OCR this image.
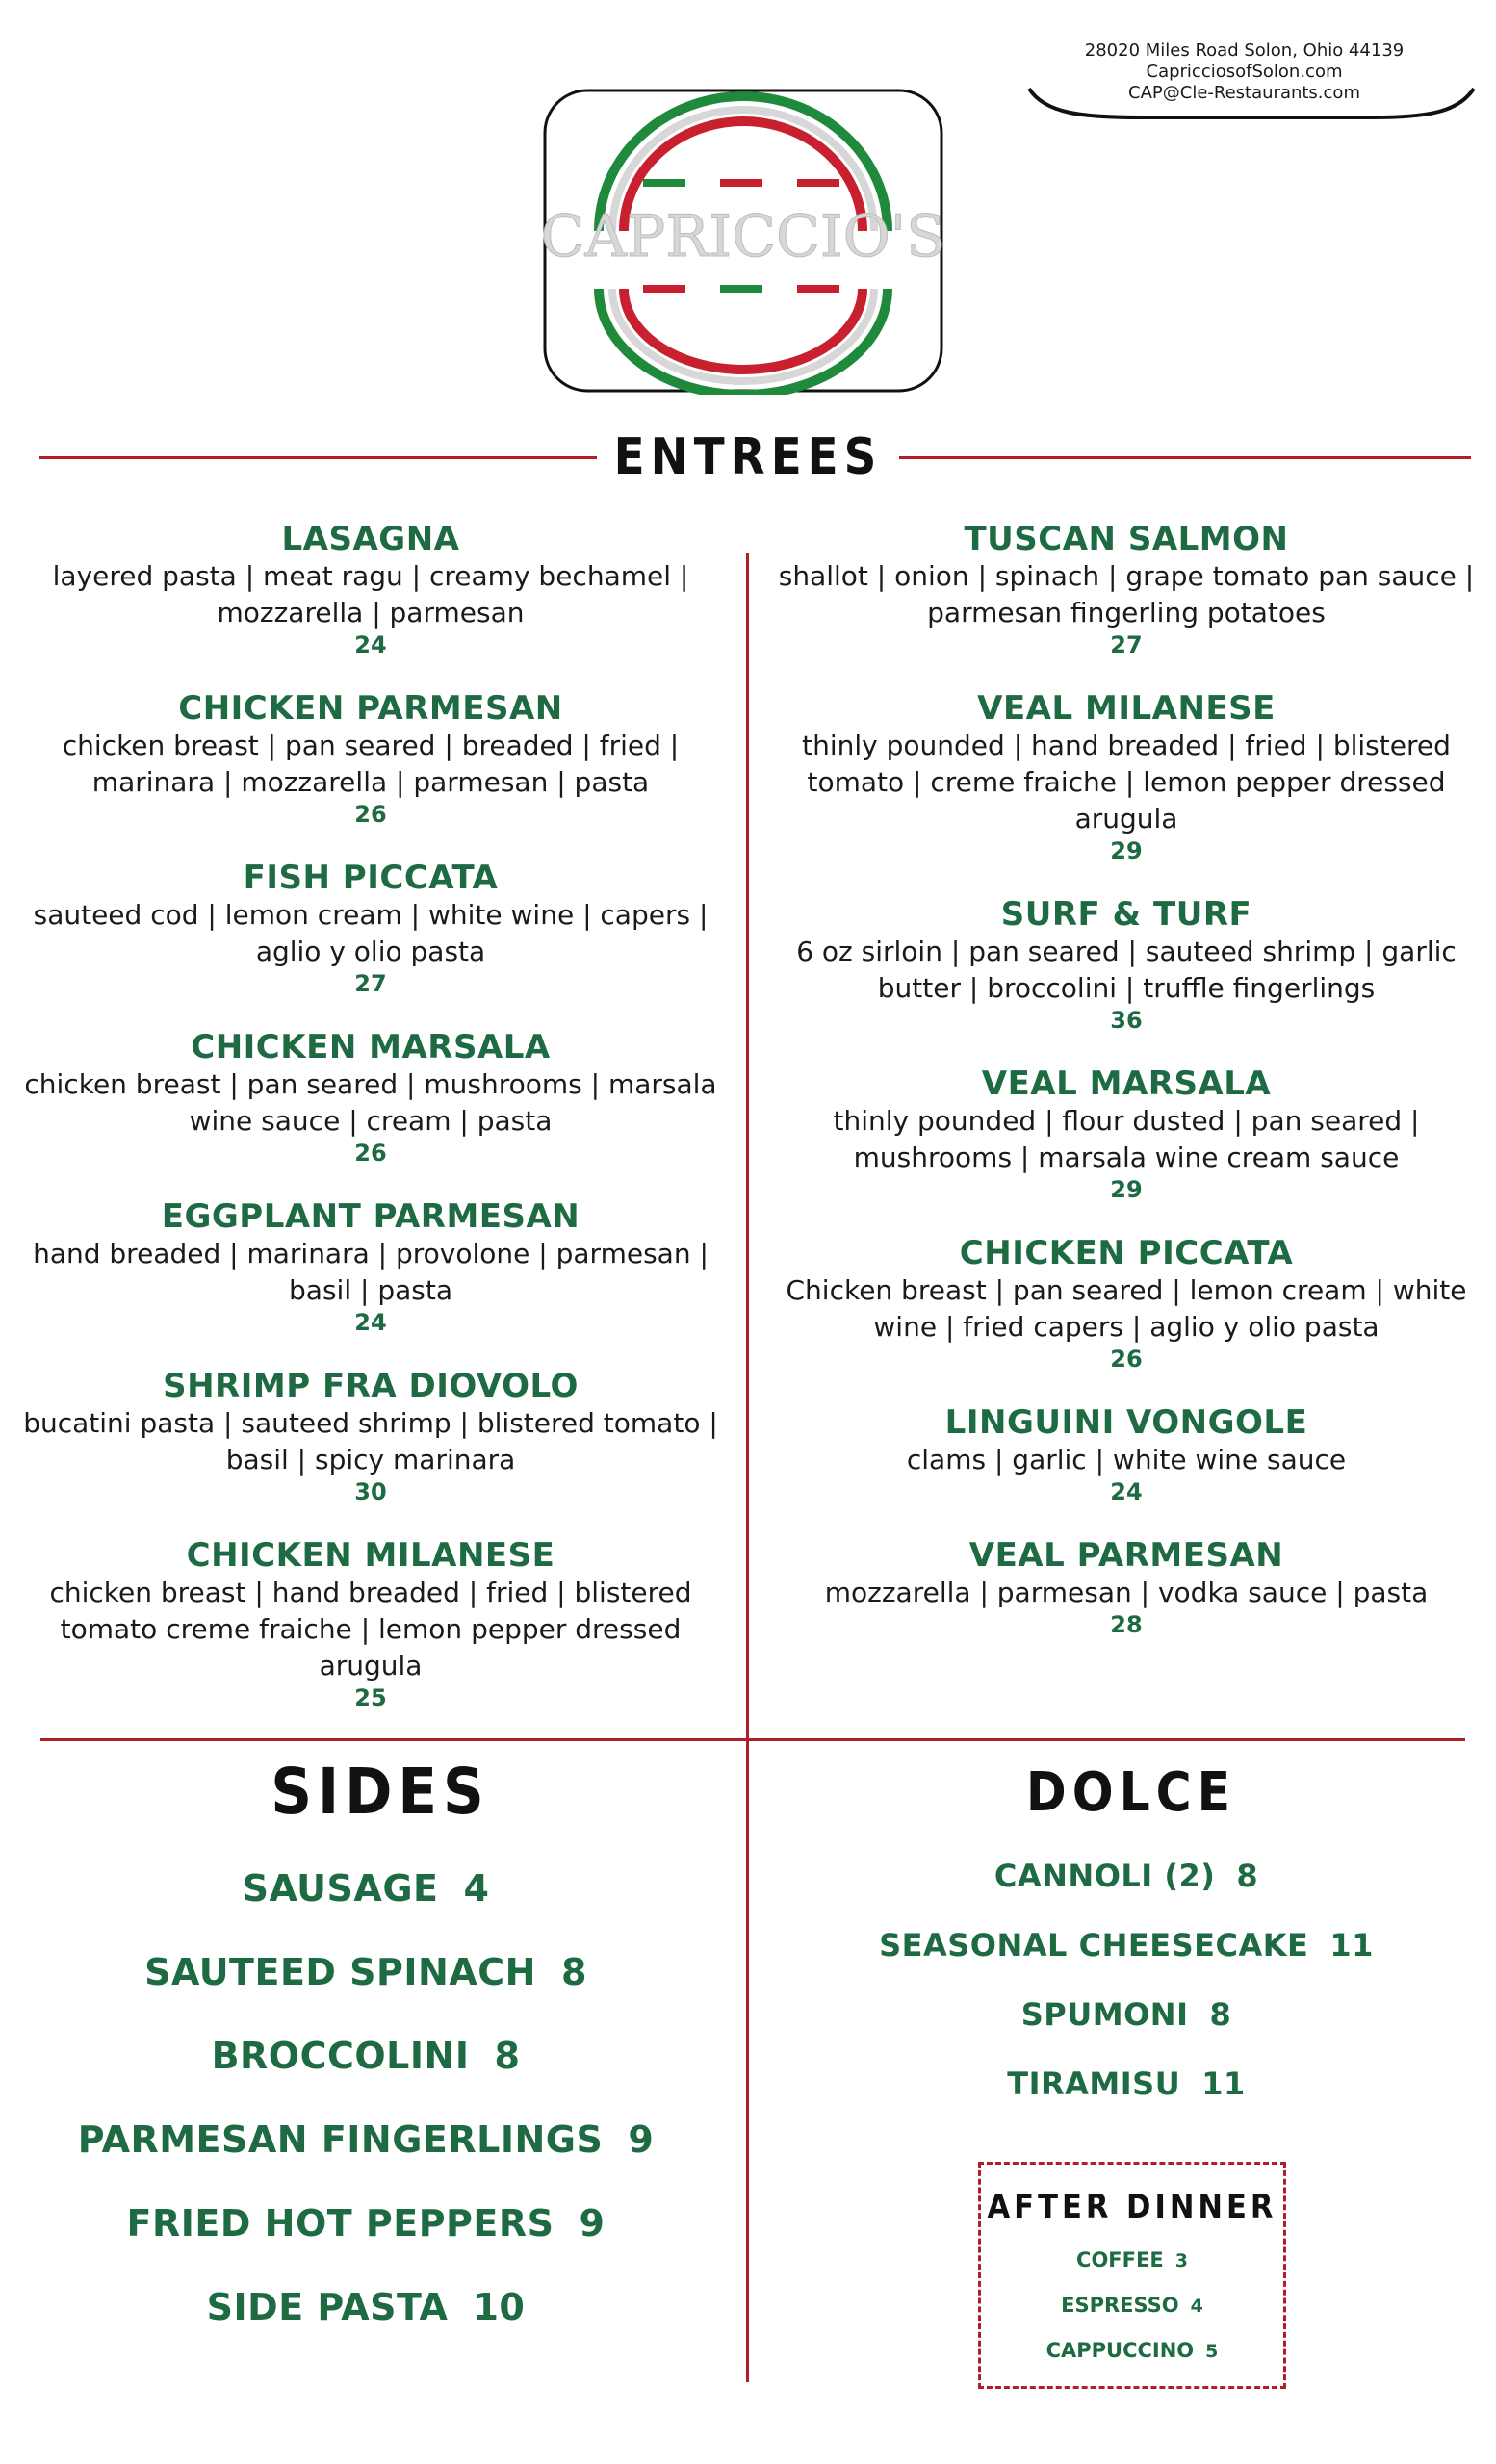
28020 Miles Road Solon, Ohio 44139
CapricciosofSolon.com
CAP@Cle-Restaurants.com
CAPRICCIO'S
ENTREES
LASAGNA
layered pasta | meat ragu | creamy bechamel | mozzarella | parmesan
24
CHICKEN PARMESAN
chicken breast | pan seared | breaded | fried | marinara | mozzarella | parmesan | pasta
26
FISH PICCATA
sauteed cod | lemon cream | white wine | capers | aglio y olio pasta
27
CHICKEN MARSALA
chicken breast | pan seared | mushrooms | marsala wine sauce | cream | pasta
26
EGGPLANT PARMESAN
hand breaded | marinara | provolone | parmesan | basil | pasta
24
SHRIMP FRA DIOVOLO
bucatini pasta | sauteed shrimp | blistered tomato | basil | spicy marinara
30
CHICKEN MILANESE
chicken breast | hand breaded | fried | blistered tomato creme fraiche | lemon pepper dressed arugula
25
TUSCAN SALMON
shallot | onion | spinach | grape tomato pan sauce | parmesan fingerling potatoes
27
VEAL MILANESE
thinly pounded | hand breaded | fried | blistered tomato | creme fraiche | lemon pepper dressed arugula
29
SURF & TURF
6 oz sirloin | pan seared | sauteed shrimp | garlic butter | broccolini | truffle fingerlings
36
VEAL MARSALA
thinly pounded | flour dusted | pan seared | mushrooms | marsala wine cream sauce
29
CHICKEN PICCATA
Chicken breast | pan seared | lemon cream | white wine | fried capers | aglio y olio pasta
26
LINGUINI VONGOLE
clams | garlic | white wine sauce
24
VEAL PARMESAN
mozzarella | parmesan | vodka sauce | pasta
28
SIDES
SAUSAGE 4
SAUTEED SPINACH 8
BROCCOLINI 8
PARMESAN FINGERLINGS 9
FRIED HOT PEPPERS 9
SIDE PASTA 10
DOLCE
CANNOLI (2) 8
SEASONAL CHEESECAKE 11
SPUMONI 8
TIRAMISU 11
AFTER DINNER
COFFEE 3
ESPRESSO 4
CAPPUCCINO 5
